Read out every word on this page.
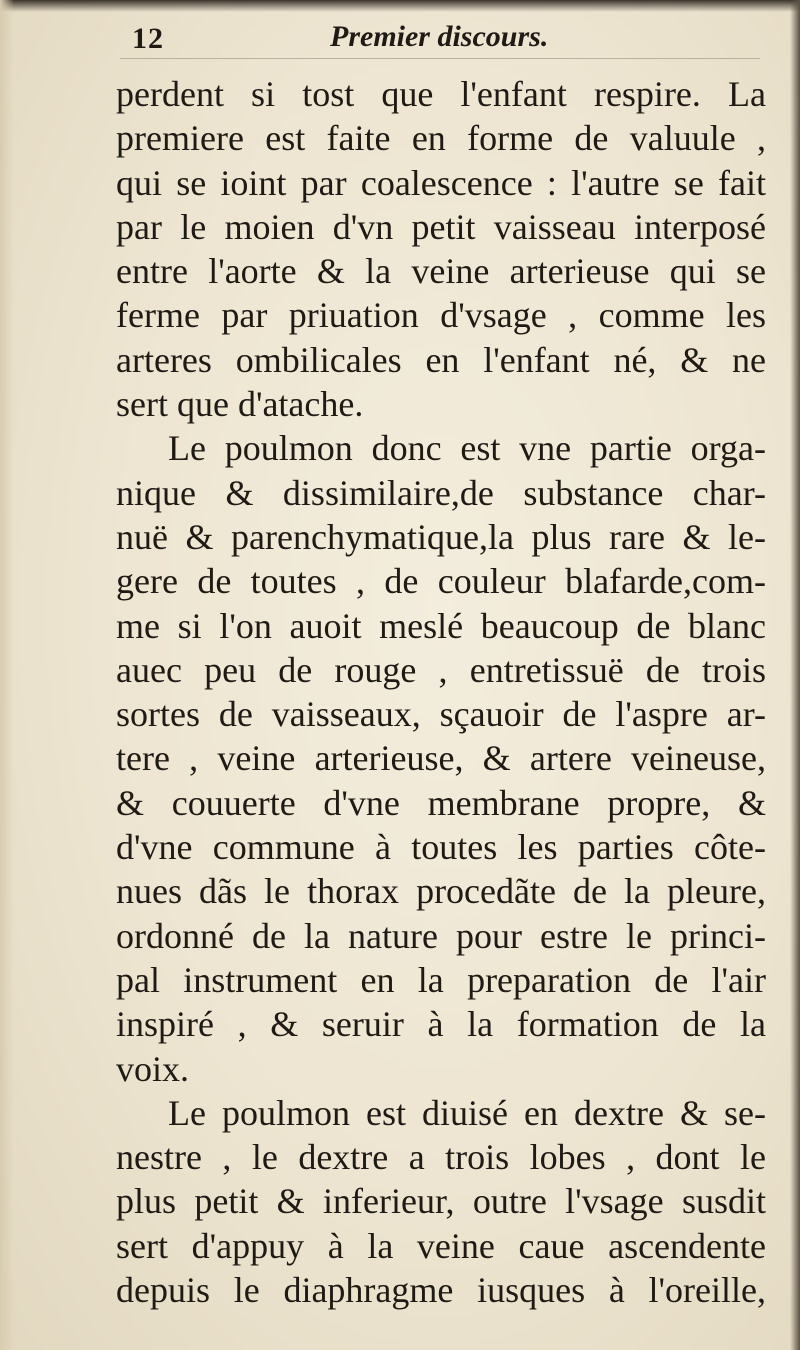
12	Premier discours.
perdent si tost que l'enfant respire. La
premiere est faite en forme de valuule ,
qui se ioint par coalescence : l'autre se fait
par le moien d'vn petit vaisseau interposé
entre l'aorte & la veine arterieuse qui se
ferme par priuation d'vsage , comme les
arteres ombilicales en l'enfant né, & ne
sert que d'atache.
Le poulmon donc est vne partie orga-
nique & dissimilaire,de substance char-
nuë & parenchymatique,la plus rare & le-
gere de toutes , de couleur blafarde,com-
me si l'on auoit meslé beaucoup de blanc
auec peu de rouge , entretissuë de trois
sortes de vaisseaux, sçauoir de l'aspre ar-
tere , veine arterieuse, & artere veineuse,
& couuerte d'vne membrane propre, &
d'vne commune à toutes les parties côte-
nues dãs le thorax procedãte de la pleure,
ordonné de la nature pour estre le princi-
pal instrument en la preparation de l'air
inspiré , & seruir à la formation de la
voix.
Le poulmon est diuisé en dextre & se-
nestre , le dextre a trois lobes , dont le
plus petit & inferieur, outre l'vsage susdit
sert d'appuy à la veine caue ascendente
depuis le diaphragme iusques à l'oreille,
